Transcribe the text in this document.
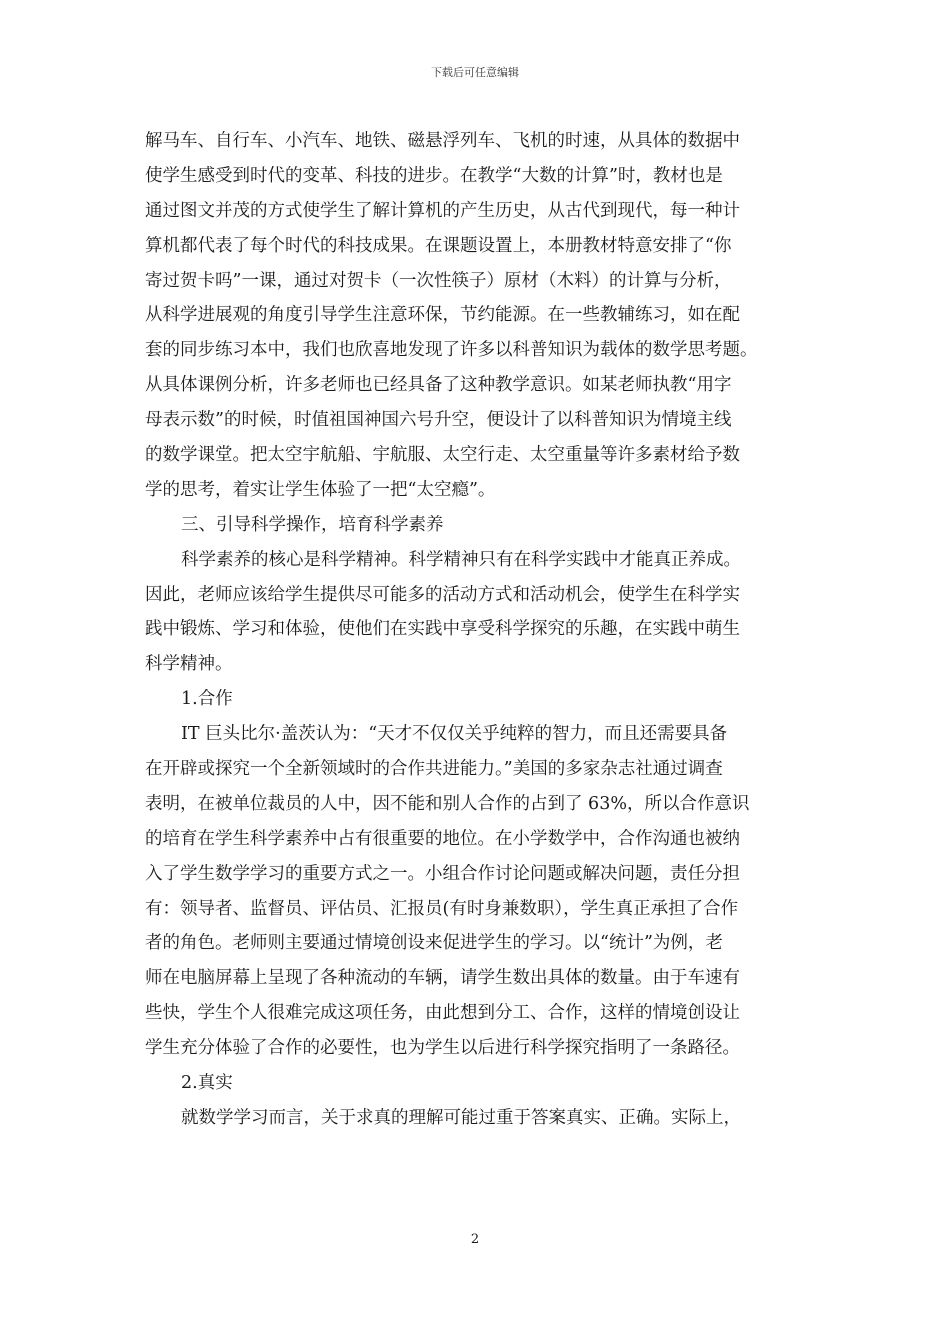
下载后可任意编辑
解马车、自行车、小汽车、地铁、磁悬浮列车、飞机的时速，从具体的数据中
使学生感受到时代的变革、科技的进步。在教学“大数的计算”时，教材也是
通过图文并茂的方式使学生了解计算机的产生历史，从古代到现代，每一种计
算机都代表了每个时代的科技成果。在课题设置上，本册教材特意安排了“你
寄过贺卡吗”一课，通过对贺卡（一次性筷子）原材（木料）的计算与分析，
从科学进展观的角度引导学生注意环保，节约能源。在一些教辅练习，如在配
套的同步练习本中，我们也欣喜地发现了许多以科普知识为载体的数学思考题。
从具体课例分析，许多老师也已经具备了这种教学意识。如某老师执教“用字
母表示数”的时候，时值祖国神国六号升空，便设计了以科普知识为情境主线
的数学课堂。把太空宇航船、宇航服、太空行走、太空重量等许多素材给予数
学的思考，着实让学生体验了一把“太空瘾”。
三、引导科学操作，培育科学素养
科学素养的核心是科学精神。科学精神只有在科学实践中才能真正养成。
因此，老师应该给学生提供尽可能多的活动方式和活动机会，使学生在科学实
践中锻炼、学习和体验，使他们在实践中享受科学探究的乐趣，在实践中萌生
科学精神。
1.合作
IT 巨头比尔·盖茨认为：“天才不仅仅关乎纯粹的智力，而且还需要具备
在开辟或探究一个全新领域时的合作共进能力。”美国的多家杂志社通过调查
表明，在被单位裁员的人中，因不能和别人合作的占到了 63%，所以合作意识
的培育在学生科学素养中占有很重要的地位。在小学数学中，合作沟通也被纳
入了学生数学学习的重要方式之一。小组合作讨论问题或解决问题，责任分担
有：领导者、监督员、评估员、汇报员(有时身兼数职），学生真正承担了合作
者的角色。老师则主要通过情境创设来促进学生的学习。以“统计”为例，老
师在电脑屏幕上呈现了各种流动的车辆，请学生数出具体的数量。由于车速有
些快，学生个人很难完成这项任务，由此想到分工、合作，这样的情境创设让
学生充分体验了合作的必要性，也为学生以后进行科学探究指明了一条路径。
2.真实
就数学学习而言，关于求真的理解可能过重于答案真实、正确。实际上，
2
